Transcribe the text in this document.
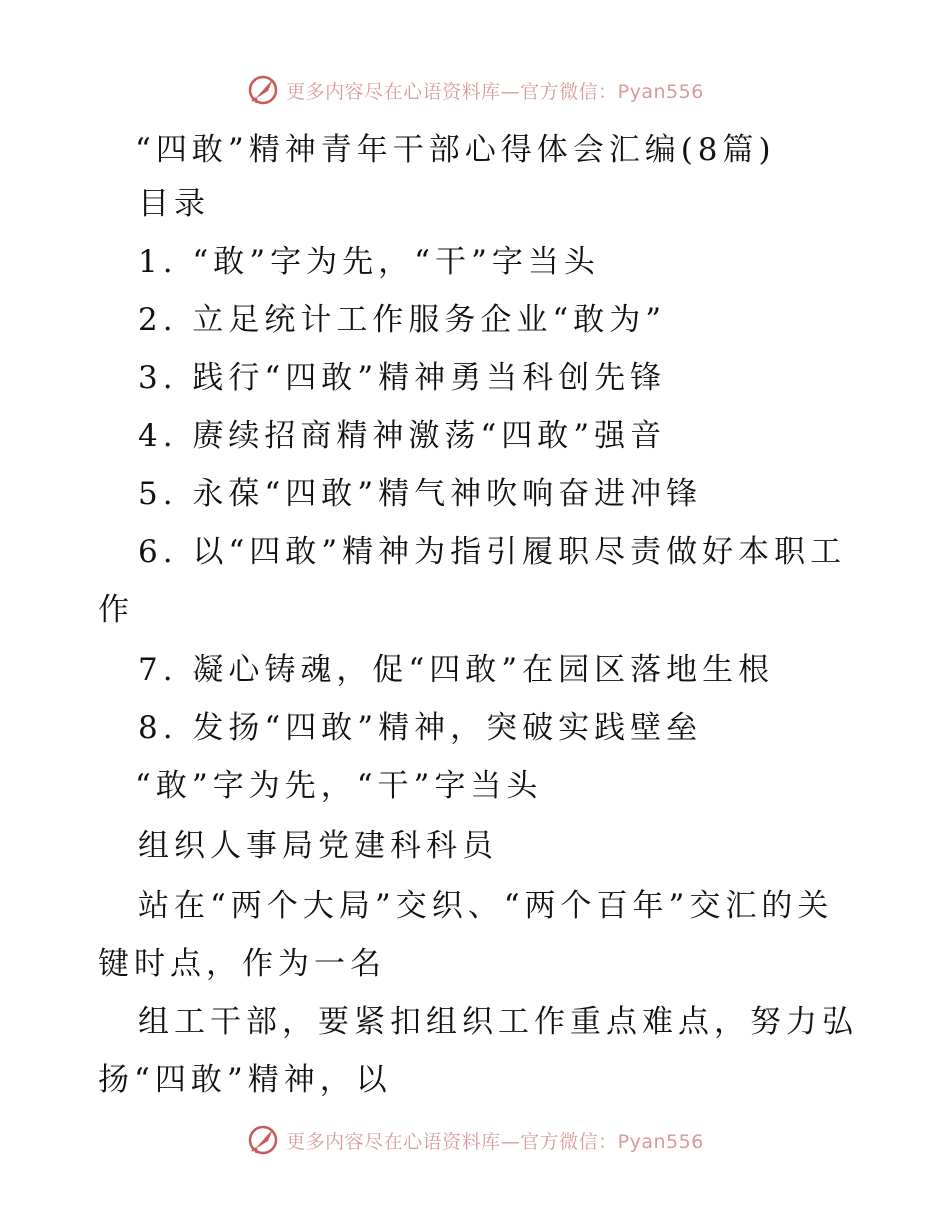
更多内容尽在心语资料库—官方微信：Pyan556
“四敢”精神青年干部心得体会汇编(8篇)
目录
1. “敢”字为先，“干”字当头
2. 立足统计工作服务企业“敢为”
3. 践行“四敢”精神勇当科创先锋
4. 赓续招商精神激荡“四敢”强音
5. 永葆“四敢”精气神吹响奋进冲锋
6. 以“四敢”精神为指引履职尽责做好本职工
作
7. 凝心铸魂，促“四敢”在园区落地生根
8. 发扬“四敢”精神，突破实践壁垒
“敢”字为先，“干”字当头
组织人事局党建科科员
站在“两个大局”交织、“两个百年”交汇的关
键时点，作为一名
组工干部，要紧扣组织工作重点难点，努力弘
扬“四敢”精神，以
更多内容尽在心语资料库—官方微信：Pyan556
